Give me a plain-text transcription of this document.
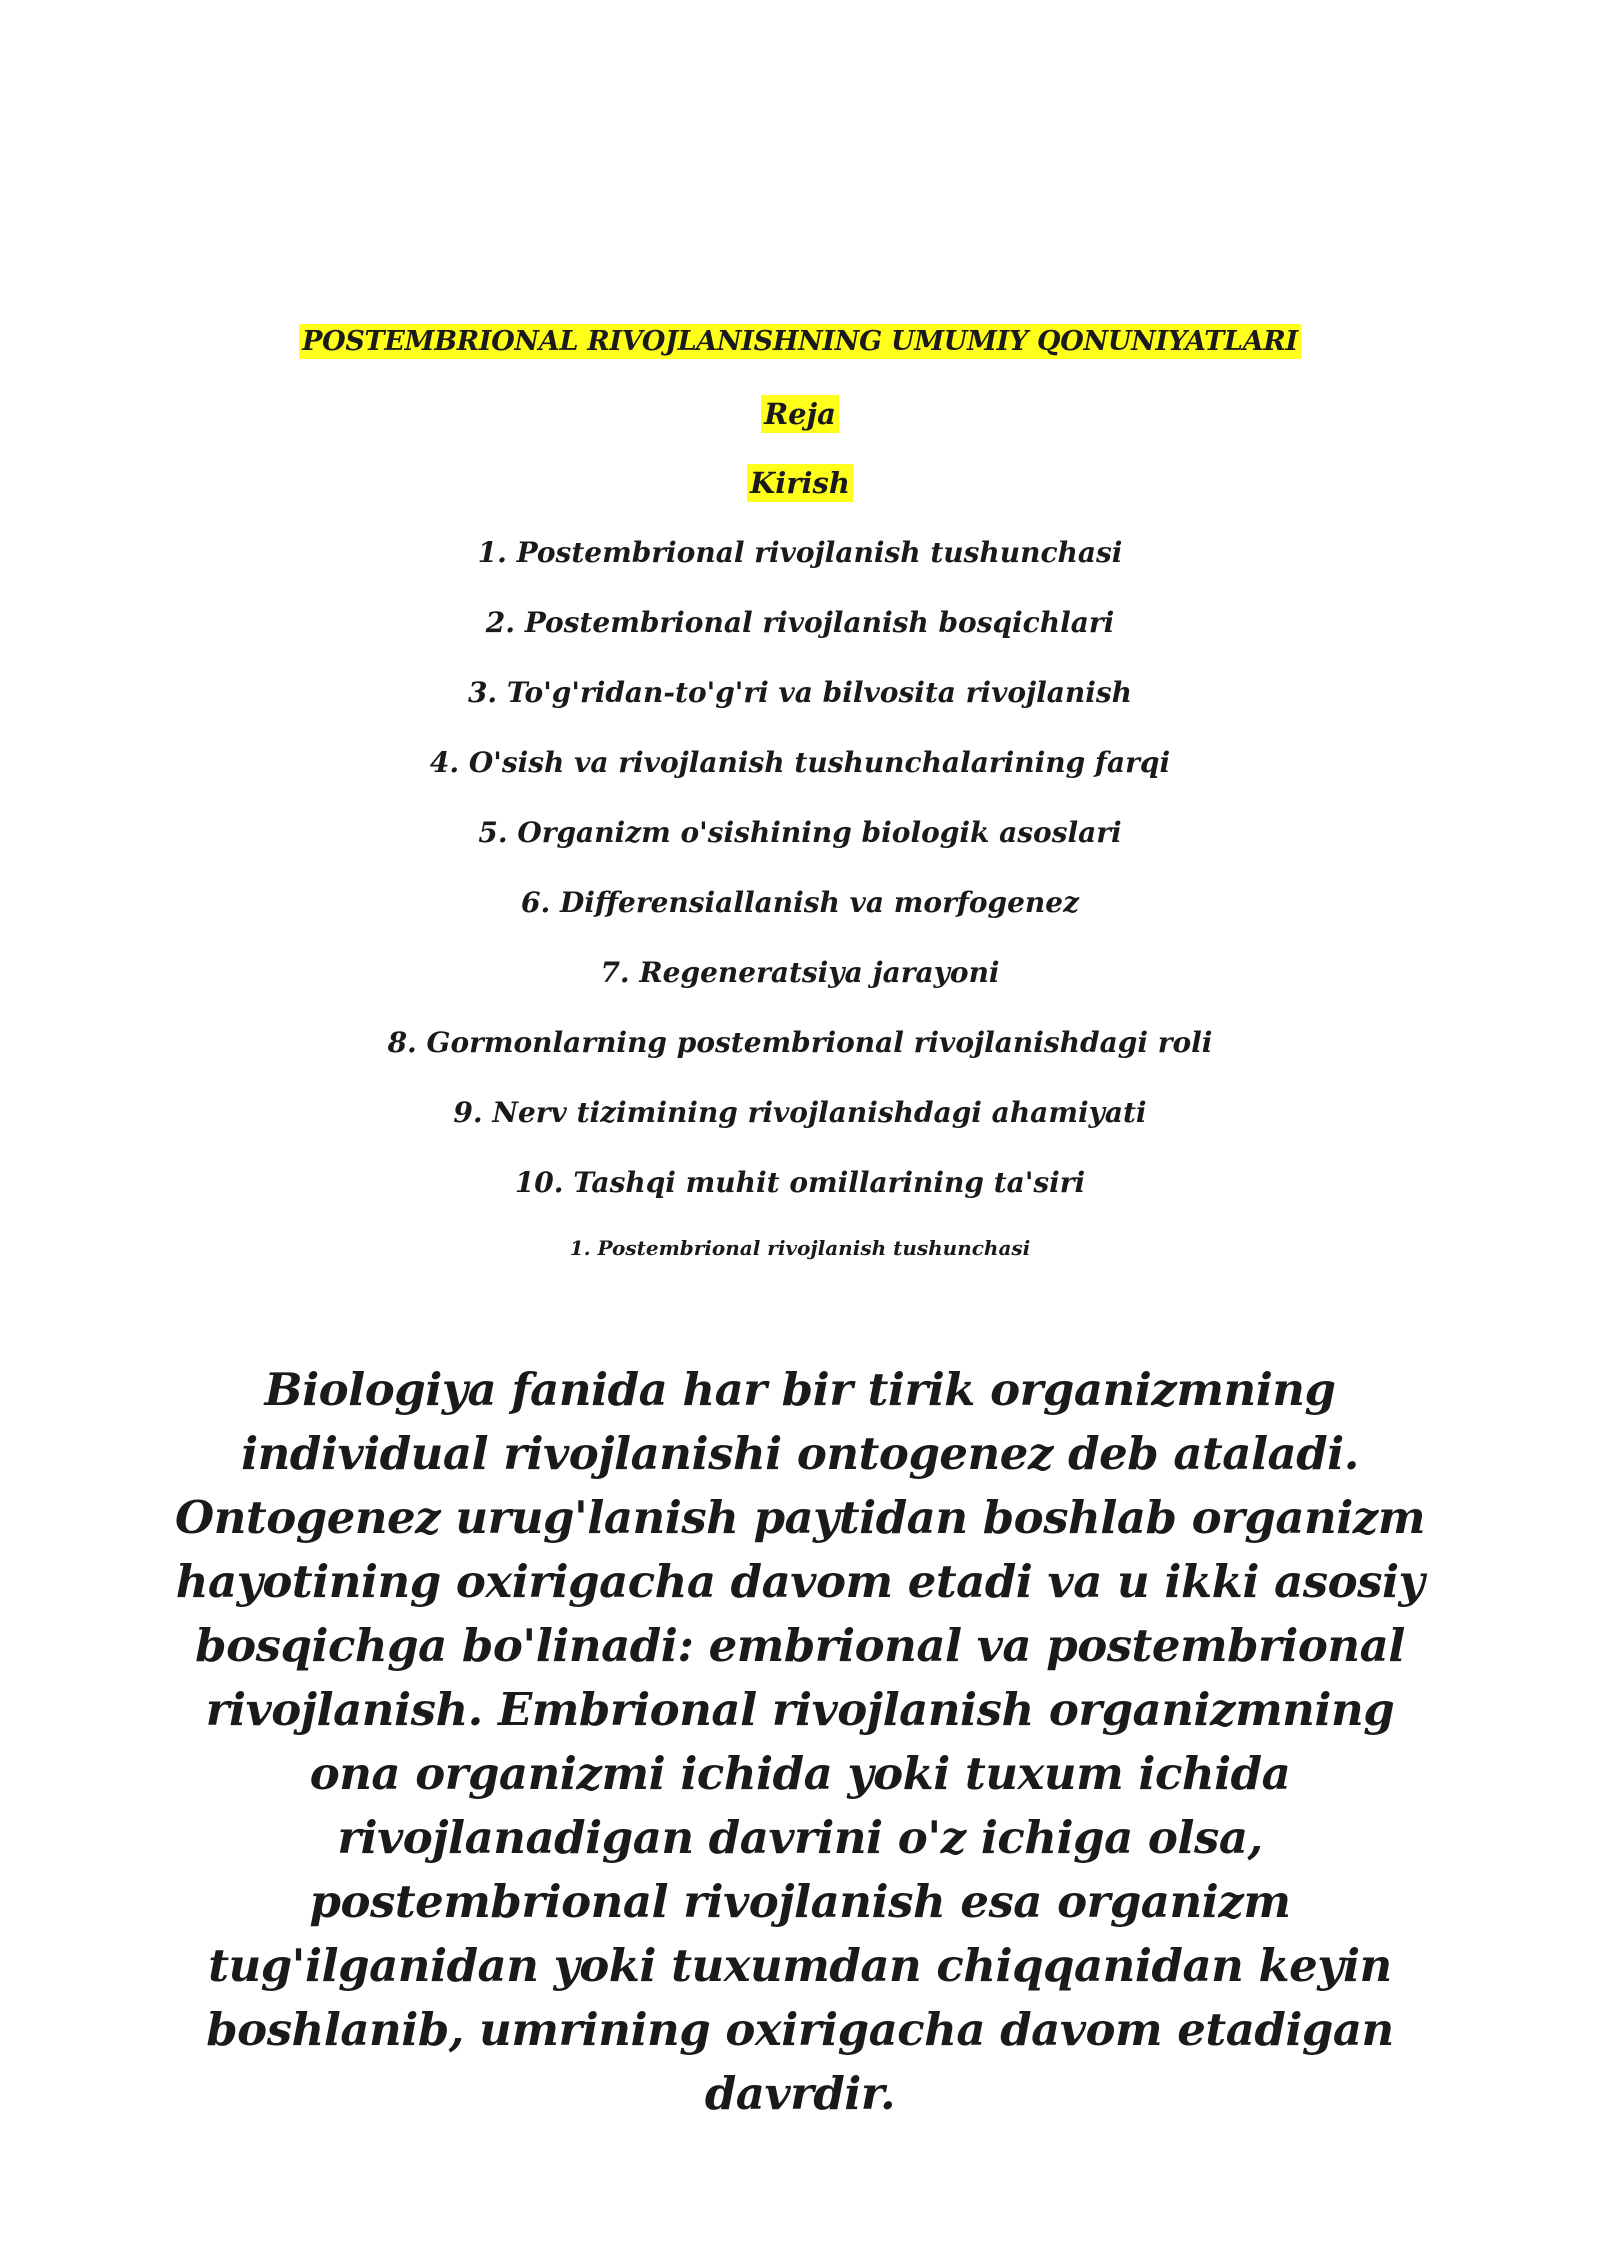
POSTEMBRIONAL RIVOJLANISHNING UMUMIY QONUNIYATLARI
Reja
Kirish
1. Postembrional rivojlanish tushunchasi
2. Postembrional rivojlanish bosqichlari
3. To'g'ridan-to'g'ri va bilvosita rivojlanish
4. O'sish va rivojlanish tushunchalarining farqi
5. Organizm o'sishining biologik asoslari
6. Differensiallanish va morfogenez
7. Regeneratsiya jarayoni
8. Gormonlarning postembrional rivojlanishdagi roli
9. Nerv tizimining rivojlanishdagi ahamiyati
10. Tashqi muhit omillarining ta'siri
1. Postembrional rivojlanish tushunchasi
Biologiya fanida har bir tirik organizmning individual rivojlanishi ontogenez deb ataladi. Ontogenez urug'lanish paytidan boshlab organizm hayotining oxirigacha davom etadi va u ikki asosiy bosqichga bo'linadi: embrional va postembrional rivojlanish. Embrional rivojlanish organizmning ona organizmi ichida yoki tuxum ichida rivojlanadigan davrini o'z ichiga olsa, postembrional rivojlanish esa organizm tug'ilganidan yoki tuxumdan chiqqanidan keyin boshlanib, umrining oxirigacha davom etadigan davrdir.
